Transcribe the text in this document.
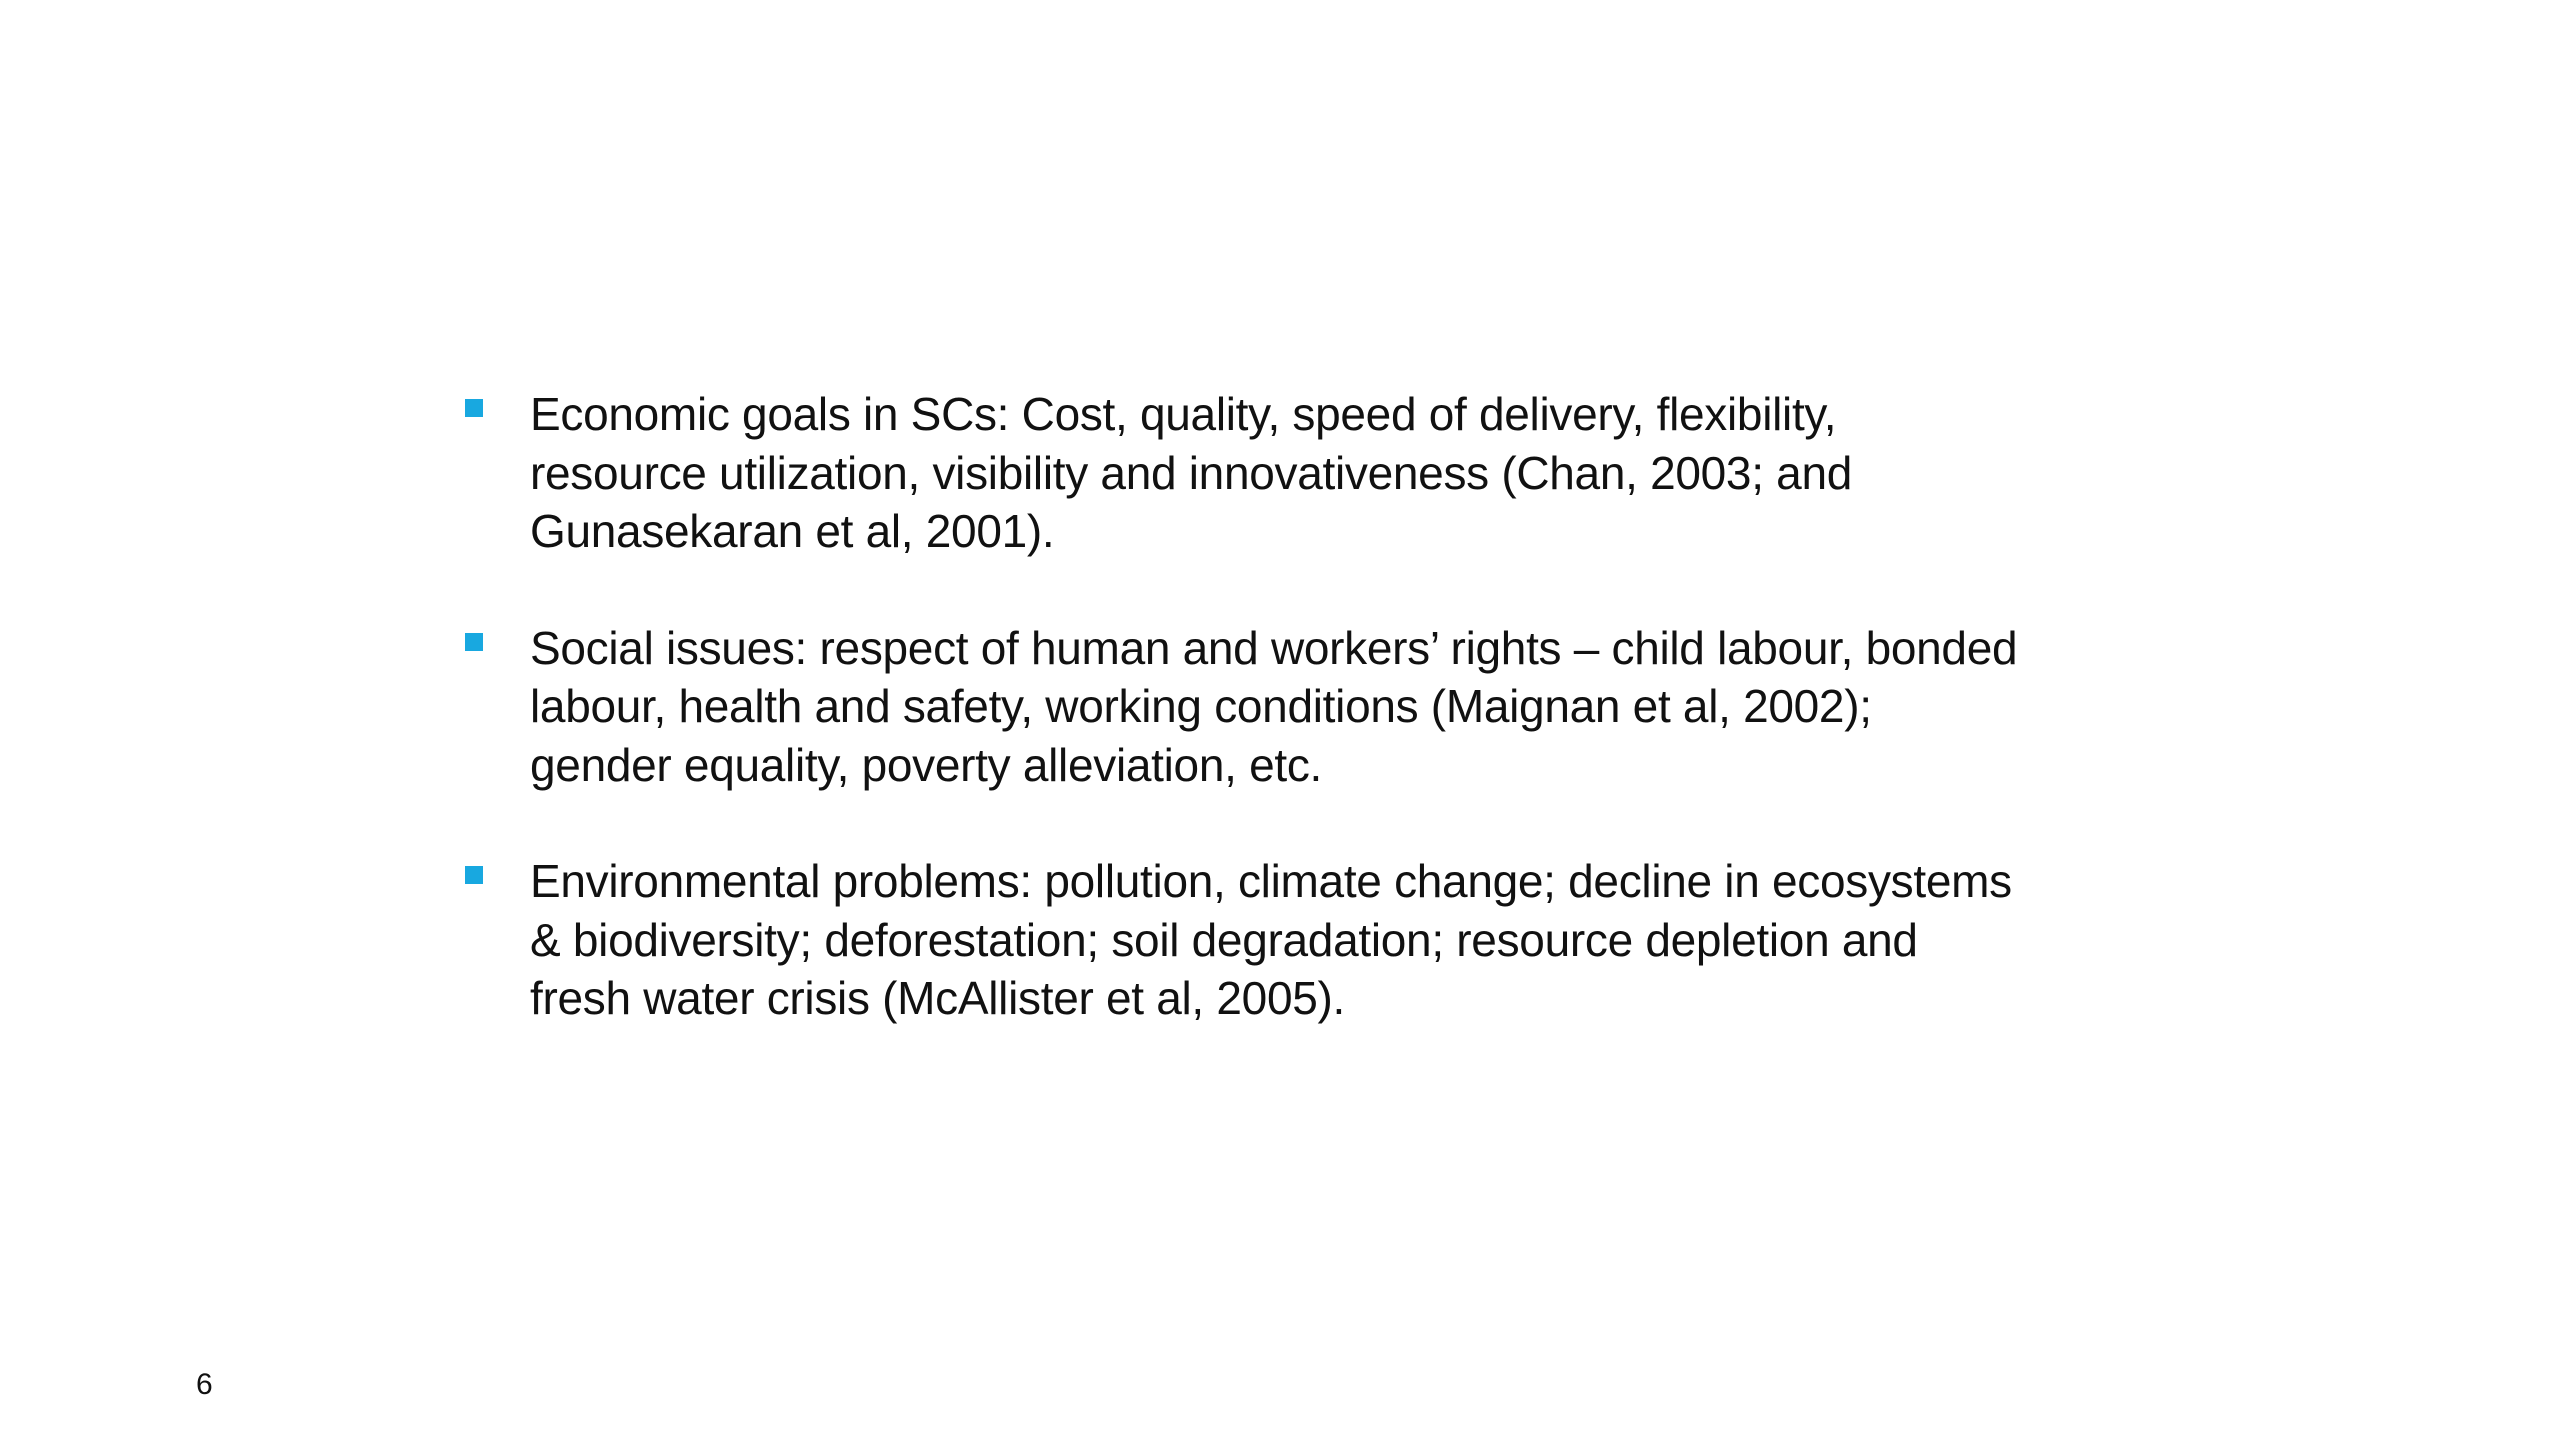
Economic goals in SCs: Cost, quality, speed of delivery, flexibility,
resource utilization, visibility and innovativeness (Chan, 2003; and
Gunasekaran et al, 2001).
Social issues: respect of human and workers’ rights – child labour, bonded
labour, health and safety, working conditions (Maignan et al, 2002);
gender equality, poverty alleviation, etc.
Environmental problems: pollution, climate change; decline in ecosystems
& biodiversity; deforestation; soil degradation; resource depletion and
fresh water crisis (McAllister et al, 2005).
6
